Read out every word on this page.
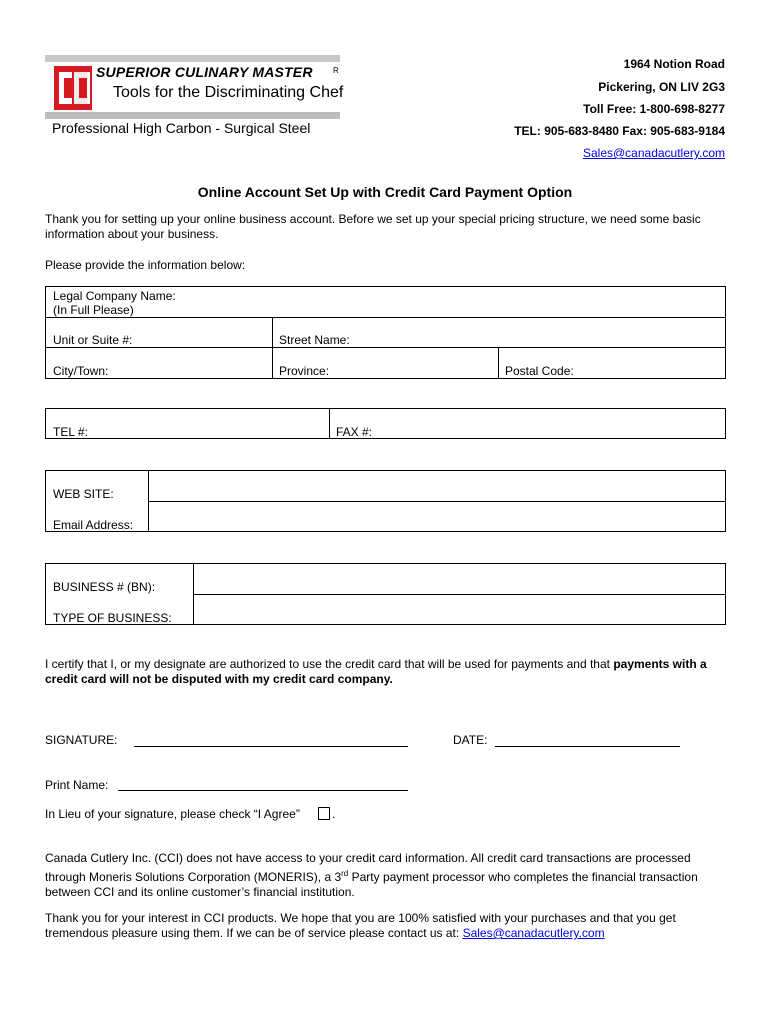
SUPERIOR CULINARY MASTER	R
Tools for the Discriminating Chef
Professional High Carbon - Surgical Steel
1964 Notion Road
Pickering, ON LIV 2G3
Toll Free: 1-800-698-8277
TEL: 905-683-8480 Fax: 905-683-9184
Sales@canadacutlery.com
Online Account Set Up with Credit Card Payment Option
Thank you for setting up your online business account. Before we set up your special pricing structure, we need some basic information about your business.
Please provide the information below:
Legal Company Name:
(In Full Please)
Unit or Suite #:	Street Name:
City/Town:	Province:	Postal Code:
TEL #:	FAX #:
WEB SITE:
Email Address:
BUSINESS # (BN):
TYPE OF BUSINESS:
I certify that I, or my designate are authorized to use the credit card that will be used for payments and that payments with a credit card will not be disputed with my credit card company.
SIGNATURE:	DATE:
Print Name:
In Lieu of your signature, please check “I Agree”	.
Canada Cutlery Inc. (CCI) does not have access to your credit card information. All credit card transactions are processed through Moneris Solutions Corporation (MONERIS), a 3rd Party payment processor who completes the financial transaction between CCI and its online customer’s financial institution.
Thank you for your interest in CCI products. We hope that you are 100% satisfied with your purchases and that you get tremendous pleasure using them. If we can be of service please contact us at: Sales@canadacutlery.com
